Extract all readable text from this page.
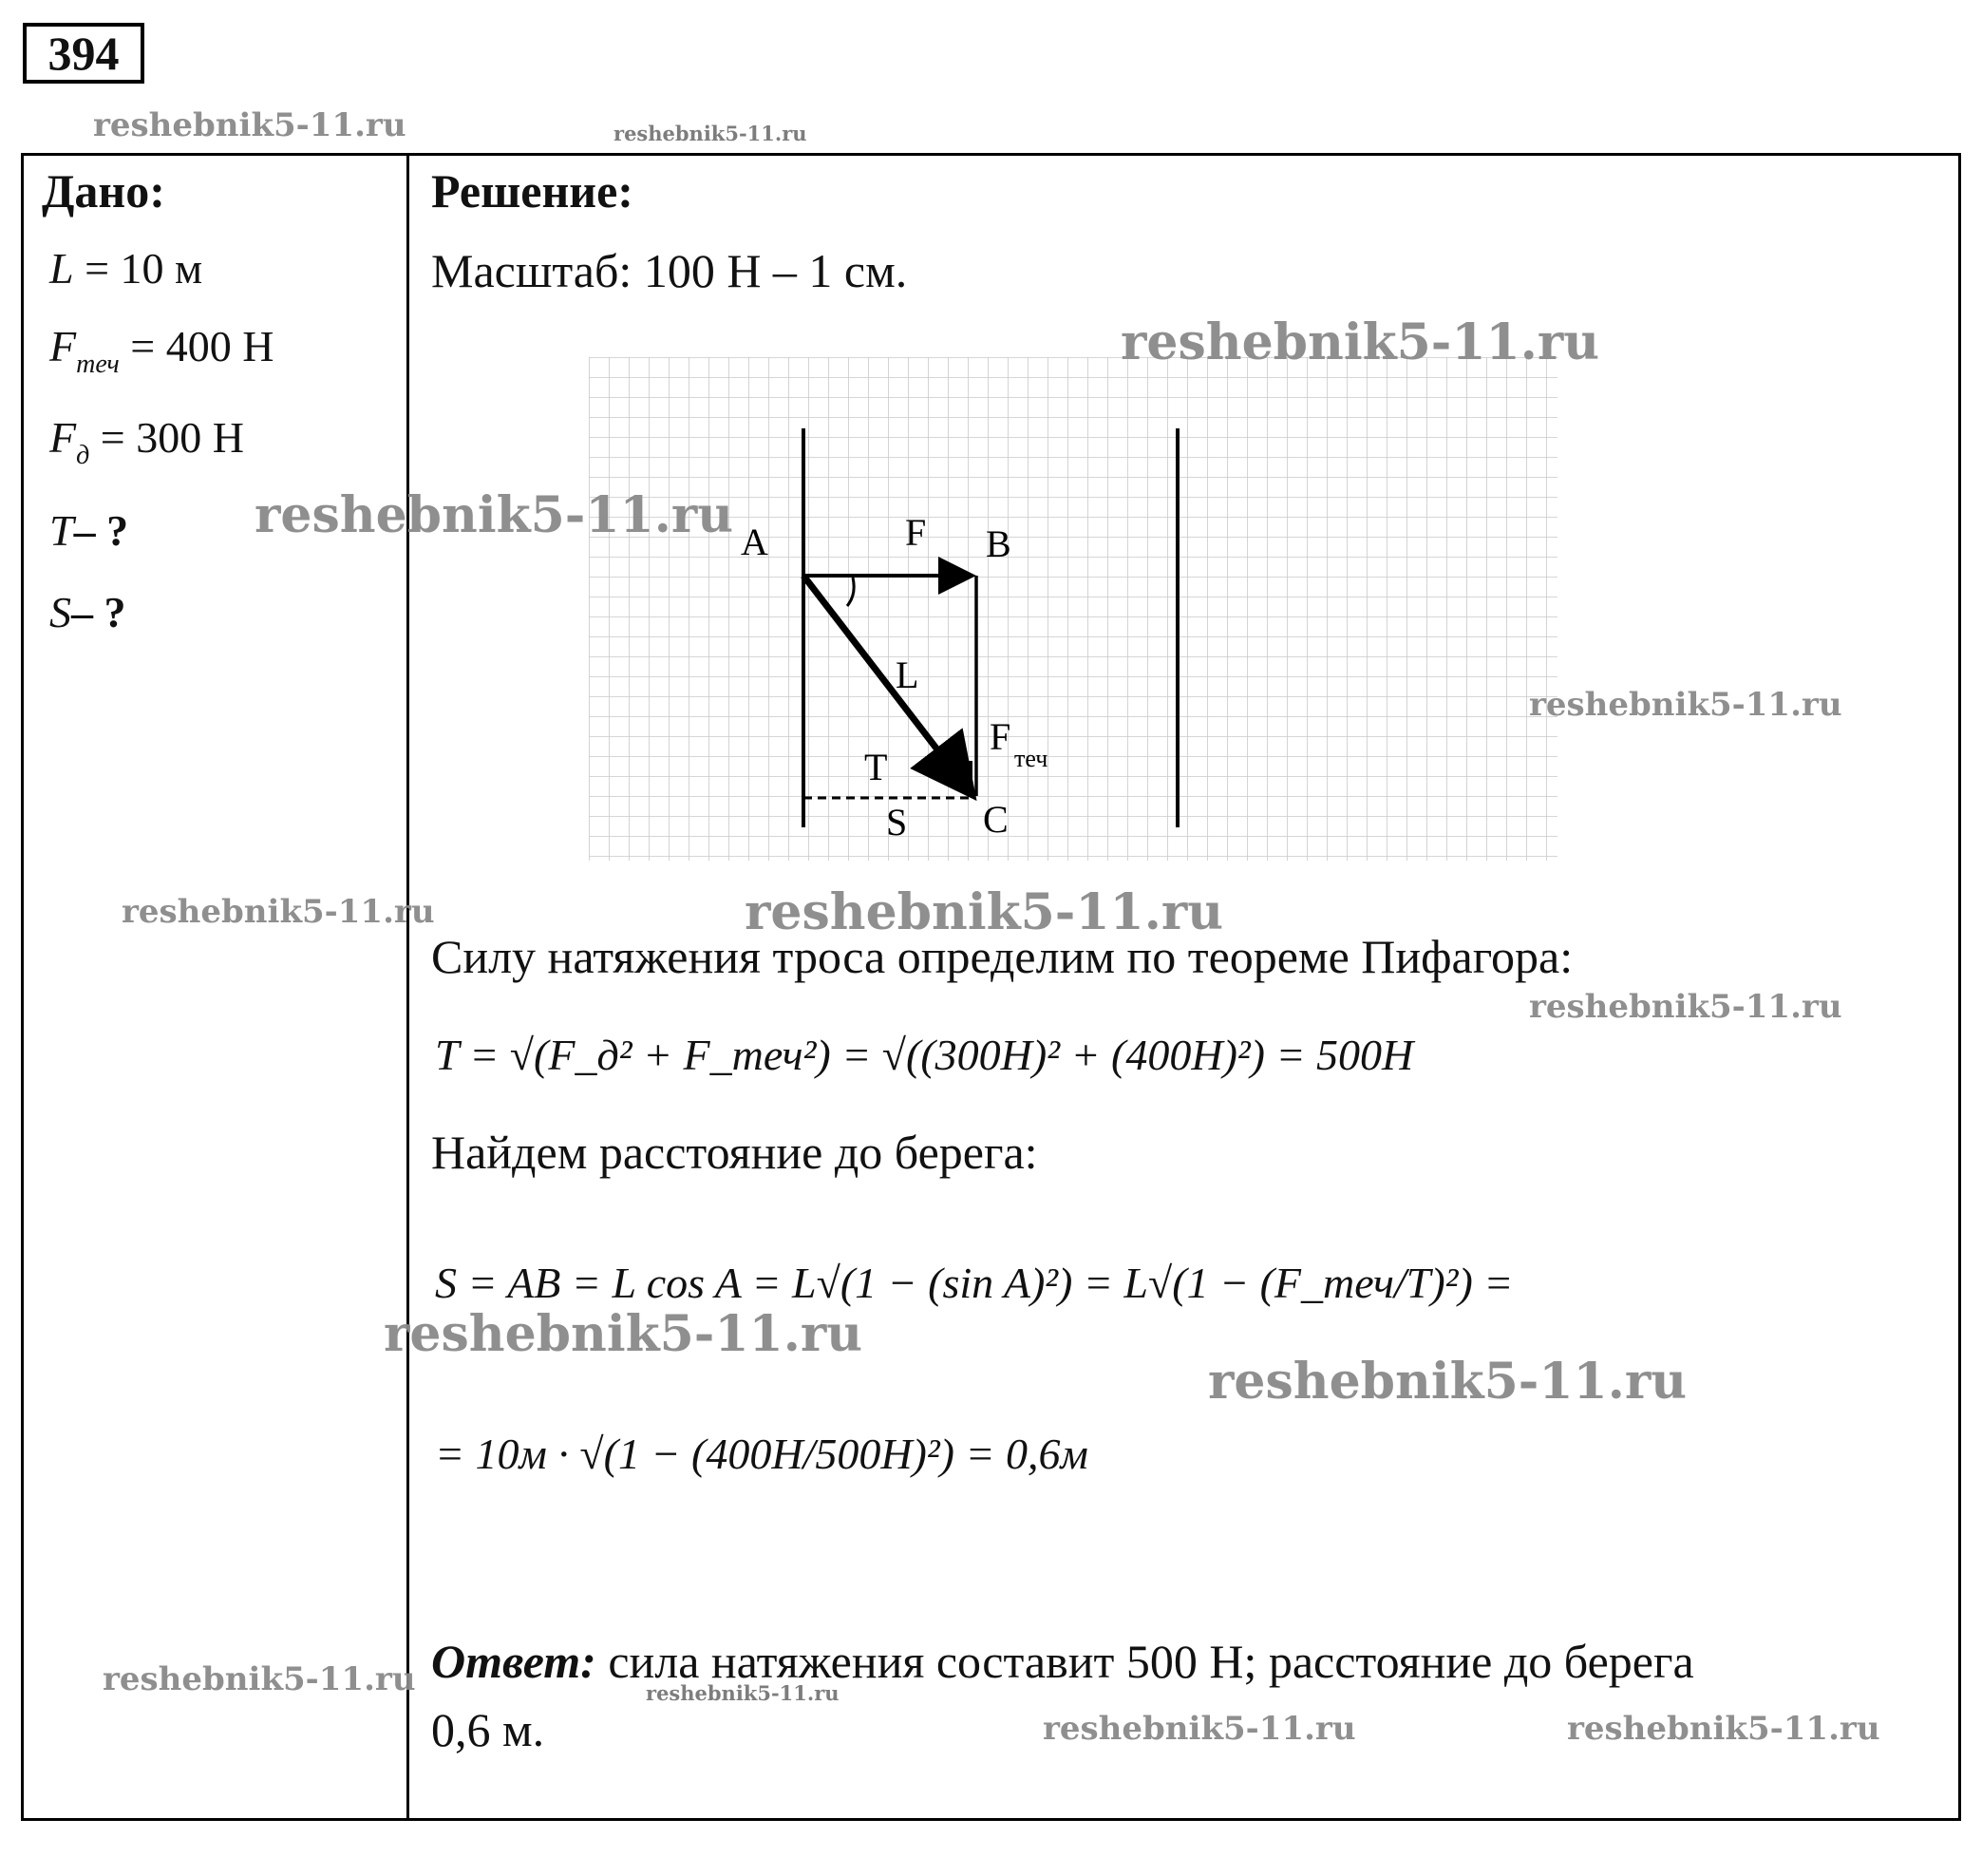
394
Дано:
L = 10 м
$F_{теч} = 400$ Н
$F_д = 300$ Н
T– ?
S– ?
Решение:
Масштаб: 100 Н – 1 см.
A	B
C
F
L
T
S
F
теч
Силу натяжения троса определим по теореме Пифагора:
T = √(F_д² + F_теч²) = √((300H)² + (400H)²) = 500H
Найдем расстояние до берега:
S = AB = L cos A = L√(1 − (sin A)²) = L√(1 − (F_теч/T)²) =
= 10м · √(1 − (400H/500H)²) = 0,6м
Ответ: сила натяжения составит 500 Н; расстояние до берега
0,6 м.
reshebnik5-11.ru	reshebnik5-11.ru
reshebnik5-11.ru
reshebnik5-11.ru
reshebnik5-11.ru
reshebnik5-11.ru	reshebnik5-11.ru
reshebnik5-11.ru
reshebnik5-11.ru
reshebnik5-11.ru
reshebnik5-11.ru	reshebnik5-11.ru
reshebnik5-11.ru	reshebnik5-11.ru
